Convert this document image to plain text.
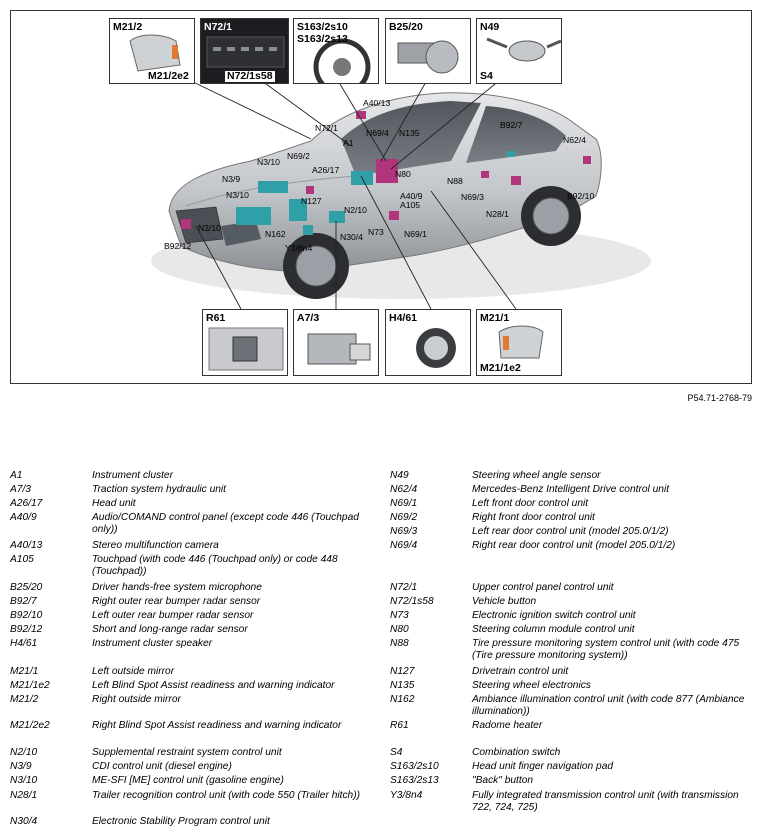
M21/2
M21/2e2
N72/1
N72/1s58
S163/2s10
S163/2s13
B25/20	N49
S4
R61	A7/3	H4/61	M21/1
M21/1e2
A40/13
N72/1	N69/4 N135
B92/7
N62/4
A1
N3/10
N69/2
A26/17	N80
N3/9	N88
N69/3
A40/9
A105
B92/10
N3/10
N127
N2/10	N28/1
N3/10
N162	N73 N69/1
N30/4
B92/12	Y3/8n4
P54.71-2768-79
A1	Instrument cluster
A7/3	Traction system hydraulic unit
A26/17	Head unit
A40/9	Audio/COMAND control panel (except code 446 (Touchpad only))
A40/13	Stereo multifunction camera
A105	Touchpad (with code 446 (Touchpad only) or code 448 (Touchpad))
B25/20	Driver hands-free system microphone
B92/7	Right outer rear bumper radar sensor
B92/10	Left outer rear bumper radar sensor
B92/12	Short and long-range radar sensor
H4/61	Instrument cluster speaker
M21/1	Left outside mirror
M21/1e2	Left Blind Spot Assist readiness and warning indicator
M21/2	Right outside mirror
M21/2e2	Right Blind Spot Assist readiness and warning indicator
N2/10	Supplemental restraint system control unit
N3/9	CDI control unit (diesel engine)
N3/10	ME-SFI [ME] control unit (gasoline engine)
N28/1	Trailer recognition control unit (with code 550 (Trailer hitch))
N30/4	Electronic Stability Program control unit
N49	Steering wheel angle sensor
N62/4	Mercedes-Benz Intelligent Drive control unit
N69/1	Left front door control unit
N69/2	Right front door control unit
N69/3	Left rear door control unit (model 205.0/1/2)
N69/4	Right rear door control unit (model 205.0/1/2)
N72/1	Upper control panel control unit
N72/1s58	Vehicle button
N73	Electronic ignition switch control unit
N80	Steering column module control unit
N88	Tire pressure monitoring system control unit (with code 475 (Tire pressure monitoring system))
N127	Drivetrain control unit
N135	Steering wheel electronics
N162	Ambiance illumination control unit (with code 877 (Ambiance illumination))
R61	Radome heater
S4	Combination switch
S163/2s10	Head unit finger navigation pad
S163/2s13	"Back" button
Y3/8n4	Fully integrated transmission control unit (with transmission 722, 724, 725)
